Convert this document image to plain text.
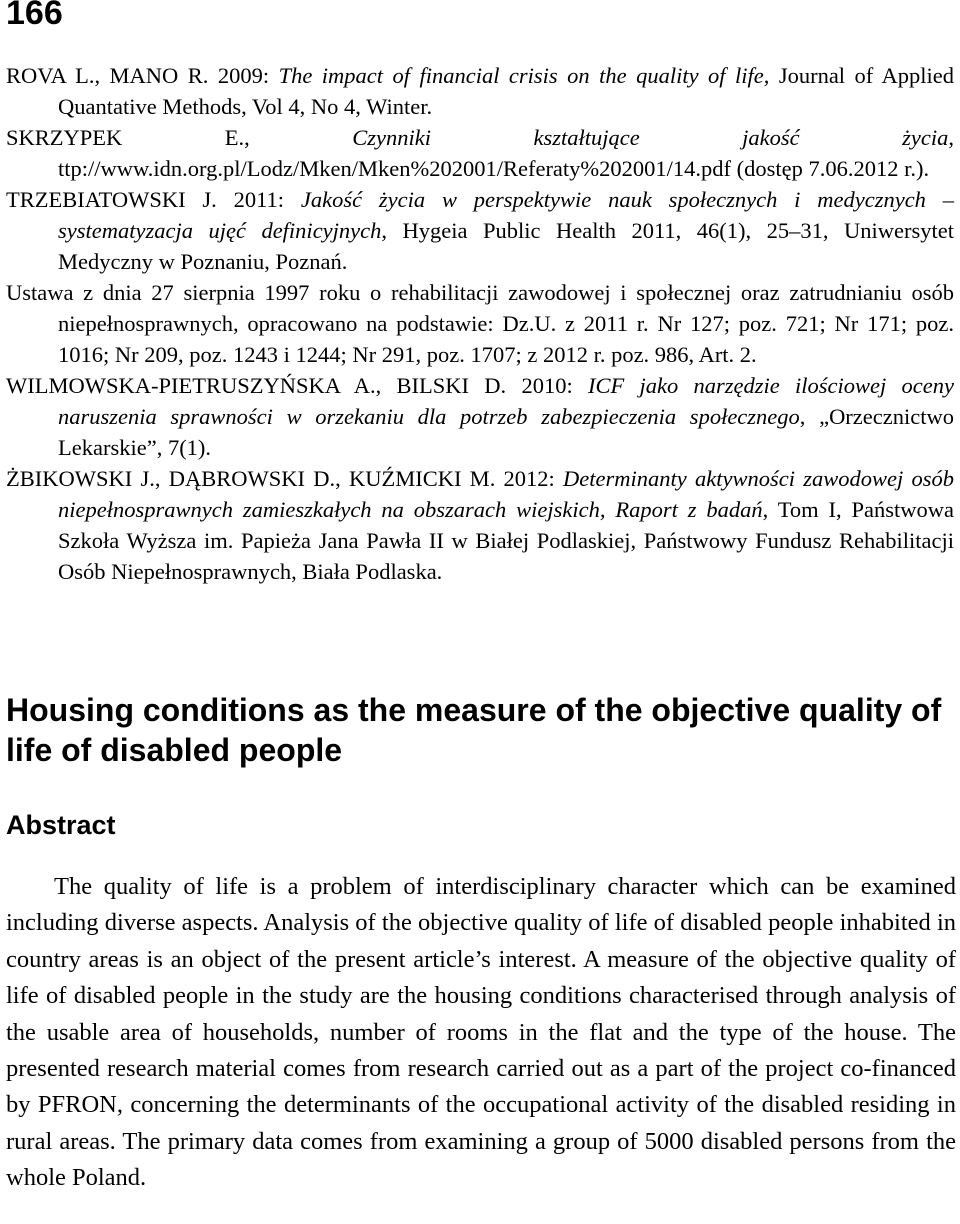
166

ROVA L., MANO R. 2009: The impact of financial crisis on the quality of life, Journal of Applied Quantative Methods, Vol 4, No 4, Winter.

SKRZYPEK E., Czynniki kształtujące jakość życia, ttp://www.idn.org.pl/Lodz/Mken/Mken%202001/Referaty%202001/14.pdf (dostęp 7.06.2012 r.).

TRZEBIATOWSKI J. 2011: Jakość życia w perspektywie nauk społecznych i medycznych – systematyzacja ujęć definicyjnych, Hygeia Public Health 2011, 46(1), 25–31, Uniwersytet Medyczny w Poznaniu, Poznań.

Ustawa z dnia 27 sierpnia 1997 roku o rehabilitacji zawodowej i społecznej oraz zatrudnianiu osób niepełnosprawnych, opracowano na podstawie: Dz.U. z 2011 r. Nr 127; poz. 721; Nr 171; poz. 1016; Nr 209, poz. 1243 i 1244; Nr 291, poz. 1707; z 2012 r. poz. 986, Art. 2.

WILMOWSKA-PIETRUSZYŃSKA A., BILSKI D. 2010: ICF jako narzędzie ilościowej oceny naruszenia sprawności w orzekaniu dla potrzeb zabezpieczenia społecznego, „Orzecznictwo Lekarskie”, 7(1).

ŻBIKOWSKI J., DĄBROWSKI D., KUŹMICKI M. 2012: Determinanty aktywności zawodowej osób niepełnosprawnych zamieszkałych na obszarach wiejskich, Raport z badań, Tom I, Państwowa Szkoła Wyższa im. Papieża Jana Pawła II w Białej Podlaskiej, Państwowy Fundusz Rehabilitacji Osób Niepełnosprawnych, Biała Podlaska.

Housing conditions as the measure of the objective quality of life of disabled people
Abstract

The quality of life is a problem of interdisciplinary character which can be examined including diverse aspects. Analysis of the objective quality of life of disabled people inhabited in country areas is an object of the present article’s interest. A measure of the objective quality of life of disabled people in the study are the housing conditions characterised through analysis of the usable area of households, number of rooms in the flat and the type of the house. The presented research material comes from research carried out as a part of the project co-financed by PFRON, concerning the determinants of the occupational activity of the disabled residing in rural areas. The primary data comes from examining a group of 5000 disabled persons from the whole Poland.
